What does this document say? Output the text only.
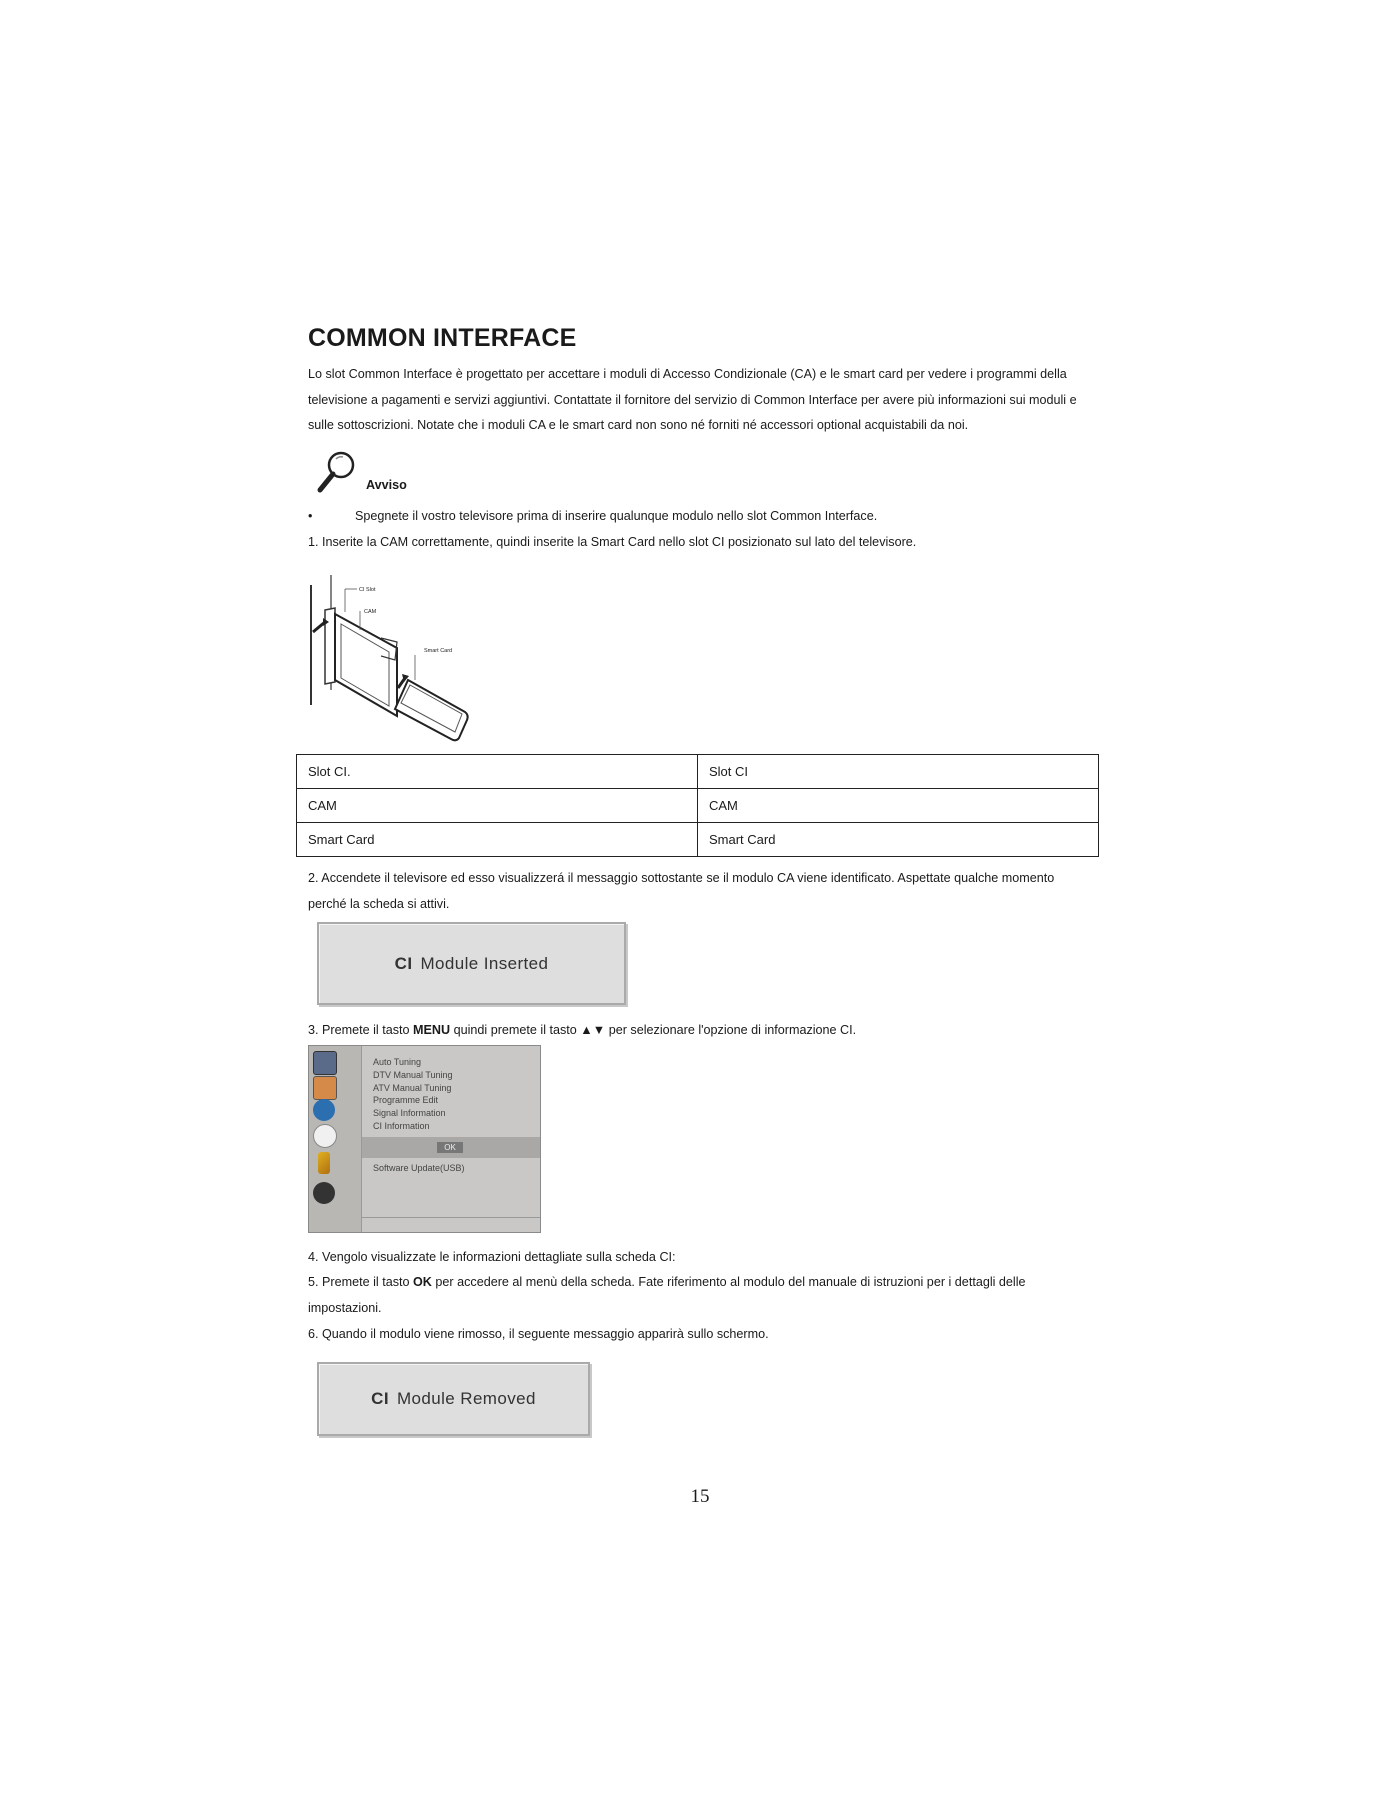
COMMON INTERFACE
Lo slot Common Interface è progettato per accettare i moduli di Accesso Condizionale (CA) e le smart card per vedere i programmi della
televisione a pagamenti e servizi aggiuntivi. Contattate il fornitore del servizio di Common Interface per avere più informazioni sui moduli e
sulle sottoscrizioni. Notate che i moduli CA e le smart card non sono né forniti né accessori optional acquistabili da noi.
Avviso
•	Spegnete il vostro televisore prima di inserire qualunque modulo nello slot Common Interface.
1. Inserite la CAM correttamente, quindi inserite la Smart Card nello slot CI posizionato sul lato del televisore.
CI Slot
CAM
Smart Card
Slot CI.	Slot CI
CAM	CAM
Smart Card	Smart Card
2. Accendete il televisore ed esso visualizzerá il messaggio sottostante se il modulo CA viene identificato. Aspettate qualche momento
perché la scheda si attivi.
CI Module Inserted
3. Premete il tasto MENU quindi premete il tasto ▲▼ per selezionare l'opzione di informazione CI.
Auto Tuning
DTV Manual Tuning
ATV Manual Tuning
Programme Edit
Signal Information
CI Information
OK
Software Update(USB)
4. Vengolo visualizzate le informazioni dettagliate sulla scheda CI:
5. Premete il tasto OK per accedere al menù della scheda. Fate riferimento al modulo del manuale di istruzioni per i dettagli delle
impostazioni.
6. Quando il modulo viene rimosso, il seguente messaggio apparirà sullo schermo.
CI Module Removed
15
